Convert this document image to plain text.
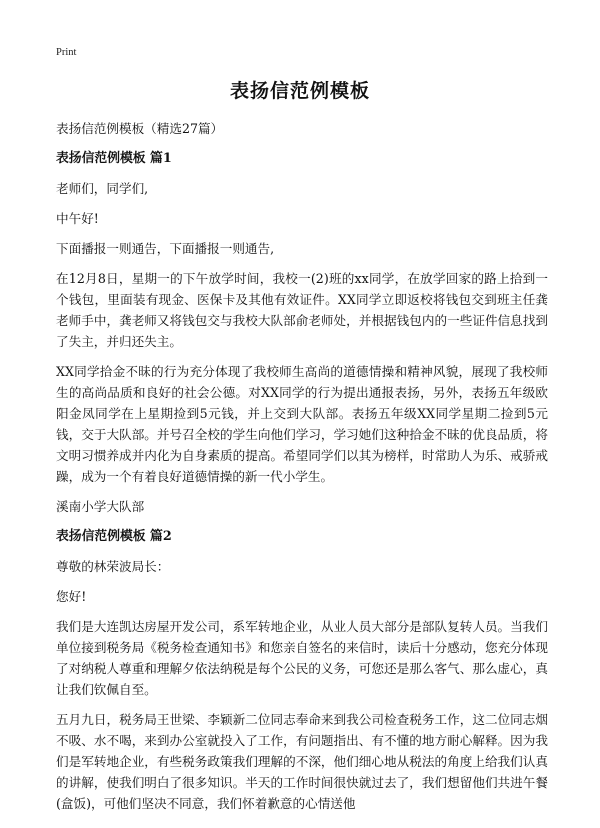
Print
表扬信范例模板

表扬信范例模板（精选27篇）

表扬信范例模板 篇1

老师们，同学们,

中午好!

下面播报一则通告，下面播报一则通告,

在12月8日，星期一的下午放学时间，我校一(2)班的xx同学，在放学回家的路上拾到一个钱包，里面装有现金、医保卡及其他有效证件。XX同学立即返校将钱包交到班主任龚老师手中，龚老师又将钱包交与我校大队部俞老师处，并根据钱包内的一些证件信息找到了失主，并归还失主。

XX同学拾金不昧的行为充分体现了我校师生高尚的道德情操和精神风貌，展现了我校师生的高尚品质和良好的社会公德。对XX同学的行为提出通报表扬，另外，表扬五年级欧阳金凤同学在上星期捡到5元钱，并上交到大队部。表扬五年级XX同学星期二捡到5元钱，交于大队部。并号召全校的学生向他们学习，学习她们这种拾金不昧的优良品质，将文明习惯养成并内化为自身素质的提高。希望同学们以其为榜样，时常助人为乐、戒骄戒躁，成为一个有着良好道德情操的新一代小学生。

溪南小学大队部

表扬信范例模板 篇2

尊敬的林荣波局长：

您好!

我们是大连凯达房屋开发公司，系军转地企业，从业人员大部分是部队复转人员。当我们单位接到税务局《税务检查通知书》和您亲自签名的来信时，读后十分感动，您充分体现了对纳税人尊重和理解夕依法纳税是每个公民的义务，可您还是那么客气、那么虚心，真让我们钦佩自至。

五月九日，税务局王世梁、李颖新二位同志奉命来到我公司检查税务工作，这二位同志烟不吸、水不喝，来到办公室就投入了工作，有问题指出、有不懂的地方耐心解释。因为我们是军转地企业，有些税务政策我们理解的不深，他们细心地从税法的角度上给我们认真的讲解，使我们明白了很多知识。半天的工作时间很快就过去了，我们想留他们共进午餐(盒饭)，可他们坚决不同意，我们怀着歉意的心情送他
